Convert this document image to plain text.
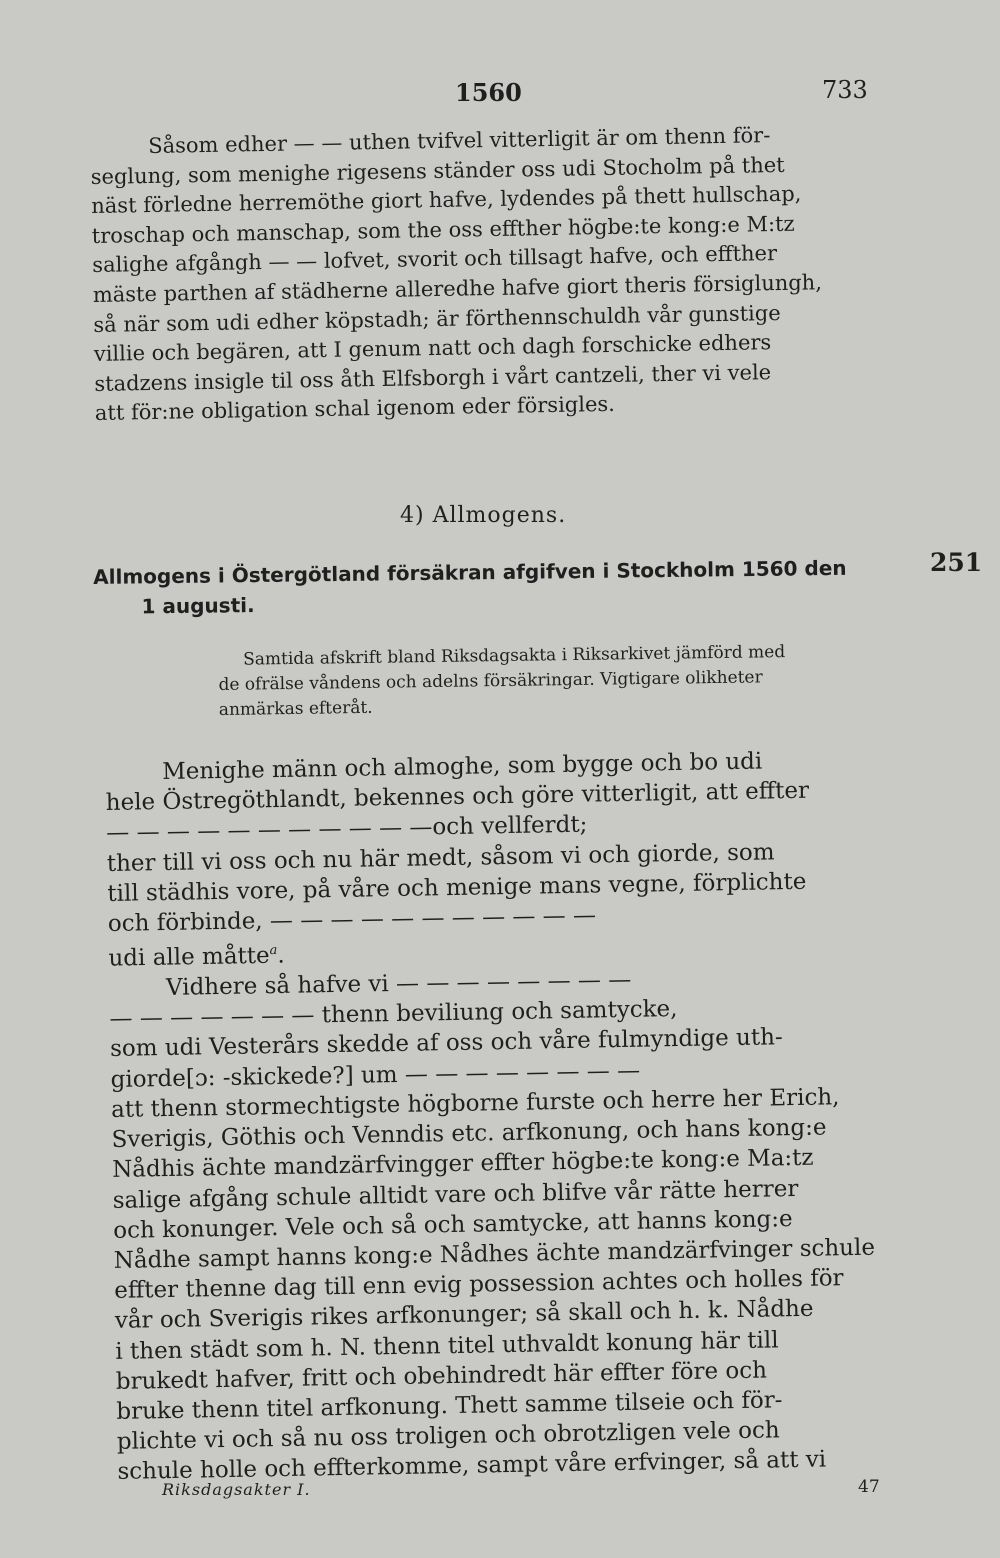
1560	733
Såsom edher — — uthen tvifvel vitterligit är om thenn för-
seglung, som menighe rigesens ständer oss udi Stocholm på thet
näst förledne herremöthe giort hafve, lydendes på thett hullschap,
troschap och manschap, som the oss effther högbe:te kong:e M:tz
salighe afgångh — — lofvet, svorit och tillsagt hafve, och effther
mäste parthen af städherne alleredhe hafve giort theris försiglungh,
så när som udi edher köpstadh; är förthennschuldh vår gunstige
villie och begären, att I genum natt och dagh forschicke edhers
stadzens insigle til oss åth Elfsborgh i vårt cantzeli, ther vi vele
att för:ne obligation schal igenom eder försigles.
4) Allmogens.
Allmogens i Östergötland försäkran afgifven i Stockholm 1560 den
1 augusti.
251
Samtida afskrift bland Riksdagsakta i Riksarkivet jämförd med
de ofrälse våndens och adelns försäkringar. Vigtigare olikheter
anmärkas efteråt.
Menighe männ och almoghe, som bygge och bo udi
hele Östregöthlandt, bekennes och göre vitterligit, att effter
— — — — — — — — — — —och vellferdt;
ther till vi oss och nu här medt, såsom vi och giorde, som
till städhis vore, på våre och menige mans vegne, förplichte
och förbinde, — — — — — — — — — — —
udi alle måtte$^a$.
Vidhere så hafve vi — — — — — — — —
— — — — — — — thenn beviliung och samtycke,
som udi Vesterårs skedde af oss och våre fulmyndige uth-
giorde[ɔ: -skickede?] um — — — — — — — —
att thenn stormechtigste högborne furste och herre her Erich,
Sverigis, Göthis och Venndis etc. arfkonung, och hans kong:e
Nådhis ächte mandzärfvingger effter högbe:te kong:e Ma:tz
salige afgång schule alltidt vare och blifve vår rätte herrer
och konunger. Vele och så och samtycke, att hanns kong:e
Nådhe sampt hanns kong:e Nådhes ächte mandzärfvinger schule
effter thenne dag till enn evig possession achtes och holles för
vår och Sverigis rikes arfkonunger; så skall och h. k. Nådhe
i then städt som h. N. thenn titel uthvaldt konung här till
brukedt hafver, fritt och obehindredt här effter före och
bruke thenn titel arfkonung. Thett samme tilseie och för-
plichte vi och så nu oss troligen och obrotzligen vele och
schule holle och effterkomme, sampt våre erfvinger, så att vi
Riksdagsakter I.	47
